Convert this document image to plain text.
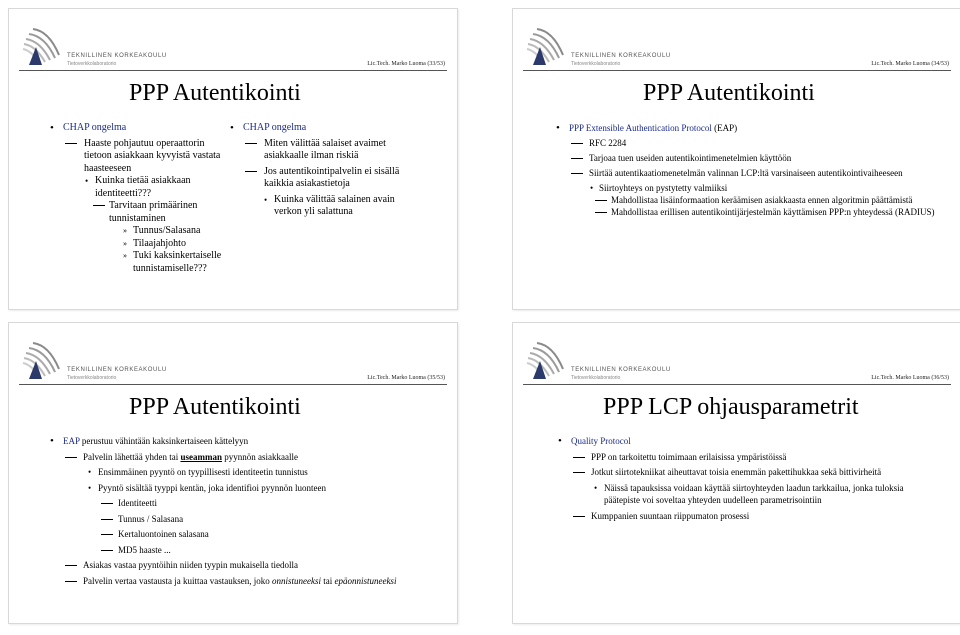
TEKNILLINEN KORKEAKOULU
Tietoverkkolaboratorio	Lic.Tech. Marko Luoma (33/53)
PPP Autentikointi
• CHAP ongelma
Haaste pohjautuu operaattorin tietoon asiakkaan kyvyistä vastata haasteeseen
• Kuinka tietää asiakkaan identiteetti???
Tarvitaan primäärinen tunnistaminen
» Tunnus/Salasana
» Tilaajahjohto
» Tuki kaksinkertaiselle tunnistamiselle???
• CHAP ongelma
Miten välittää salaiset avaimet asiakkaalle ilman riskiä
Jos autentikointipalvelin ei sisällä kaikkia asiakastietoja
• Kuinka välittää salainen avain verkon yli salattuna
TEKNILLINEN KORKEAKOULU
Tietoverkkolaboratorio	Lic.Tech. Marko Luoma (34/53)
PPP Autentikointi
• PPP Extensible Authentication Protocol (EAP)
RFC 2284
Tarjoaa tuen useiden autentikointimenetelmien käyttöön
Siirtää autentikaatiomenetelmän valinnan LCP:ltä varsinaiseen autentikointivaiheeseen
• Siirtoyhteys on pystytetty valmiiksi
Mahdollistaa lisäinformaation keräämisen asiakkaasta ennen algoritmin päättämistä
Mahdollistaa erillisen autentikointijärjestelmän käyttämisen PPP:n yhteydessä (RADIUS)
TEKNILLINEN KORKEAKOULU
Tietoverkkolaboratorio	Lic.Tech. Marko Luoma (35/53)
PPP Autentikointi
• EAP perustuu vähintään kaksinkertaiseen kättelyyn
Palvelin lähettää yhden tai useamman pyynnön asiakkaalle
• Ensimmäinen pyyntö on tyypillisesti identiteetin tunnistus
• Pyyntö sisältää tyyppi kentän, joka identifioi pyynnön luonteen
Identiteetti
Tunnus / Salasana
Kertaluontoinen salasana
MD5 haaste ...
Asiakas vastaa pyyntöihin niiden tyypin mukaisella tiedolla
Palvelin vertaa vastausta ja kuittaa vastauksen, joko onnistuneeksi tai epäonnistuneeksi
TEKNILLINEN KORKEAKOULU
Tietoverkkolaboratorio	Lic.Tech. Marko Luoma (36/53)
PPP LCP ohjausparametrit
• Quality Protocol
PPP on tarkoitettu toimimaan erilaisissa ympäristöissä
Jotkut siirtotekniikat aiheuttavat toisia enemmän pakettihukkaa sekä bittivirheitä
• Näissä tapauksissa voidaan käyttää siirtoyhteyden laadun tarkkailua, jonka tuloksia päätepiste voi soveltaa yhteyden uudelleen parametrisointiin
Kumppanien suuntaan riippumaton prosessi
